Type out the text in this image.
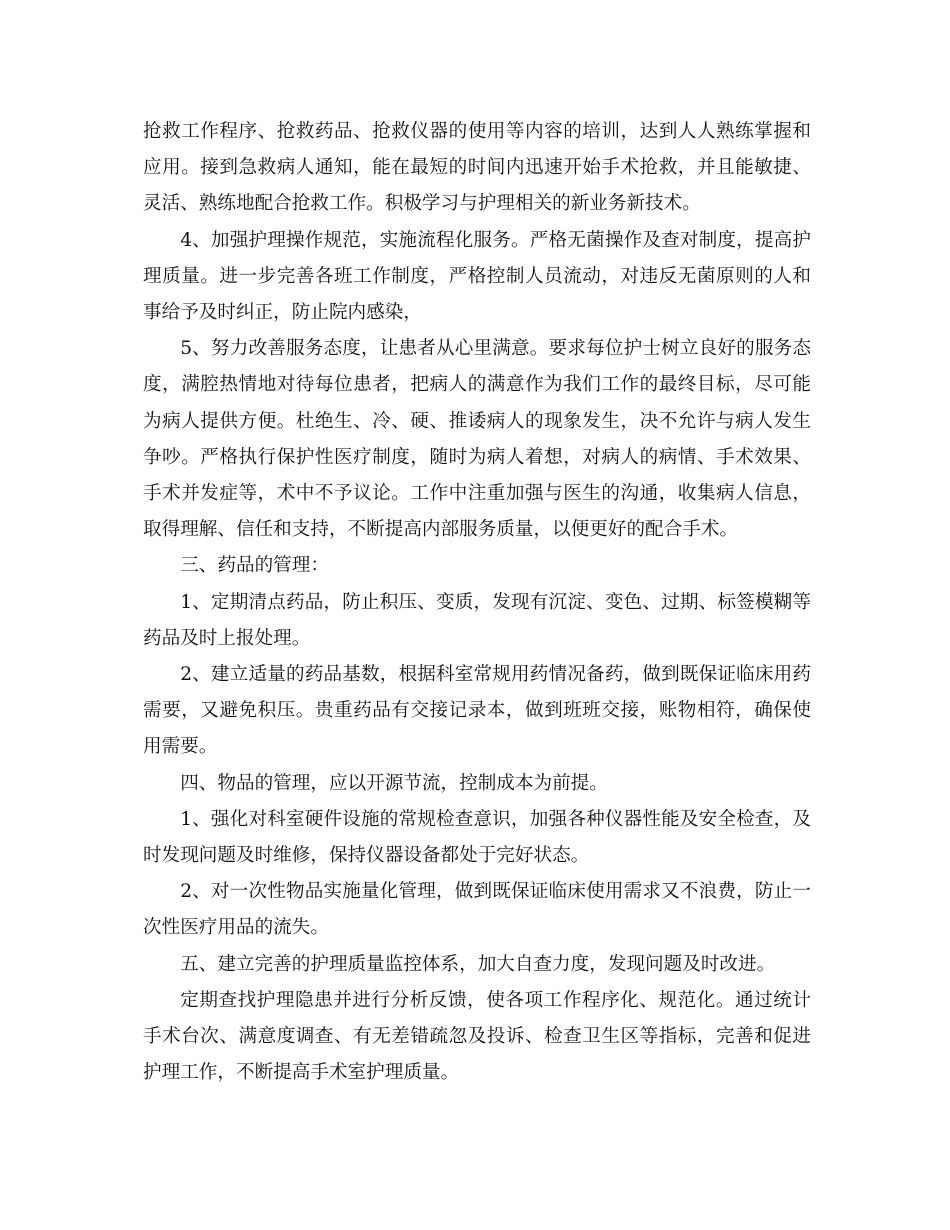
抢救工作程序、抢救药品、抢救仪器的使用等内容的培训，达到人人熟练掌握和应用。接到急救病人通知，能在最短的时间内迅速开始手术抢救，并且能敏捷、灵活、熟练地配合抢救工作。积极学习与护理相关的新业务新技术。

4、加强护理操作规范，实施流程化服务。严格无菌操作及查对制度，提高护理质量。进一步完善各班工作制度，严格控制人员流动，对违反无菌原则的人和事给予及时纠正，防止院内感染，

5、努力改善服务态度，让患者从心里满意。要求每位护士树立良好的服务态度，满腔热情地对待每位患者，把病人的满意作为我们工作的最终目标，尽可能为病人提供方便。杜绝生、冷、硬、推诿病人的现象发生，决不允许与病人发生争吵。严格执行保护性医疗制度，随时为病人着想，对病人的病情、手术效果、手术并发症等，术中不予议论。工作中注重加强与医生的沟通，收集病人信息，取得理解、信任和支持，不断提高内部服务质量，以便更好的配合手术。

三、药品的管理：

1、定期清点药品，防止积压、变质，发现有沉淀、变色、过期、标签模糊等药品及时上报处理。

2、建立适量的药品基数，根据科室常规用药情况备药，做到既保证临床用药需要，又避免积压。贵重药品有交接记录本，做到班班交接，账物相符，确保使用需要。

四、物品的管理，应以开源节流，控制成本为前提。

1、强化对科室硬件设施的常规检查意识，加强各种仪器性能及安全检查，及时发现问题及时维修，保持仪器设备都处于完好状态。

2、对一次性物品实施量化管理，做到既保证临床使用需求又不浪费，防止一次性医疗用品的流失。

五、建立完善的护理质量监控体系，加大自查力度，发现问题及时改进。

定期查找护理隐患并进行分析反馈，使各项工作程序化、规范化。通过统计手术台次、满意度调查、有无差错疏忽及投诉、检查卫生区等指标，完善和促进护理工作，不断提高手术室护理质量。
